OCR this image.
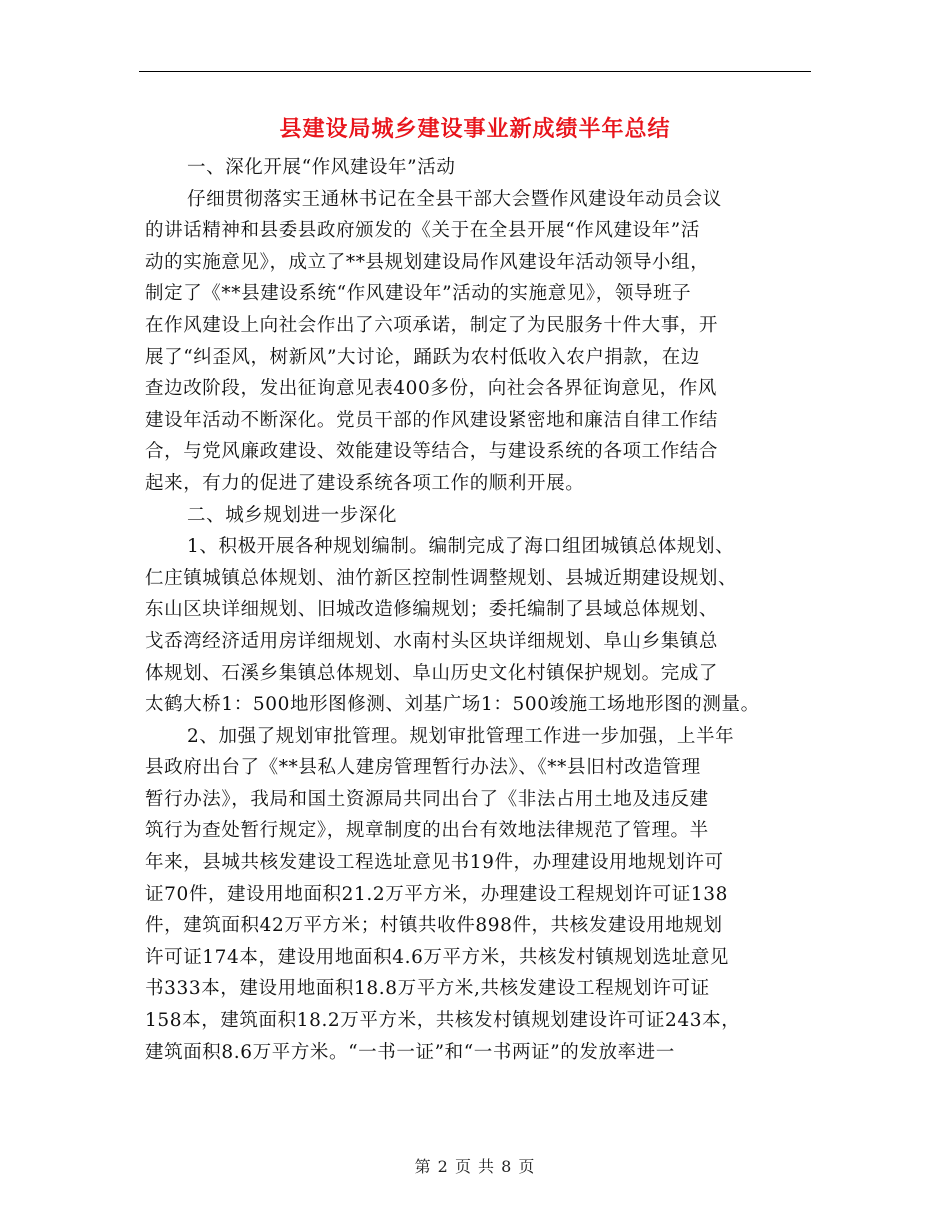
县建设局城乡建设事业新成绩半年总结
一、深化开展“作风建设年”活动
仔细贯彻落实王通林书记在全县干部大会暨作风建设年动员会议
的讲话精神和县委县政府颁发的《关于在全县开展“作风建设年”活
动的实施意见》，成立了**县规划建设局作风建设年活动领导小组，
制定了《**县建设系统“作风建设年”活动的实施意见》，领导班子
在作风建设上向社会作出了六项承诺，制定了为民服务十件大事，开
展了“纠歪风，树新风”大讨论，踊跃为农村低收入农户捐款，在边
查边改阶段，发出征询意见表400多份，向社会各界征询意见，作风
建设年活动不断深化。党员干部的作风建设紧密地和廉洁自律工作结
合，与党风廉政建设、效能建设等结合，与建设系统的各项工作结合
起来，有力的促进了建设系统各项工作的顺利开展。
二、城乡规划进一步深化
1、积极开展各种规划编制。编制完成了海口组团城镇总体规划、
仁庄镇城镇总体规划、油竹新区控制性调整规划、县城近期建设规划、
东山区块详细规划、旧城改造修编规划；委托编制了县域总体规划、
戈岙湾经济适用房详细规划、水南村头区块详细规划、阜山乡集镇总
体规划、石溪乡集镇总体规划、阜山历史文化村镇保护规划。完成了
太鹤大桥1：500地形图修测、刘基广场1：500竣施工场地形图的测量。
2、加强了规划审批管理。规划审批管理工作进一步加强，上半年
县政府出台了《**县私人建房管理暂行办法》、《**县旧村改造管理
暂行办法》，我局和国土资源局共同出台了《非法占用土地及违反建
筑行为查处暂行规定》，规章制度的出台有效地法律规范了管理。半
年来，县城共核发建设工程选址意见书19件，办理建设用地规划许可
证70件，建设用地面积21.2万平方米，办理建设工程规划许可证138
件，建筑面积42万平方米；村镇共收件898件，共核发建设用地规划
许可证174本，建设用地面积4.6万平方米，共核发村镇规划选址意见
书333本，建设用地面积18.8万平方米,共核发建设工程规划许可证
158本，建筑面积18.2万平方米，共核发村镇规划建设许可证243本，
建筑面积8.6万平方米。“一书一证”和“一书两证”的发放率进一
第 2 页 共 8 页
